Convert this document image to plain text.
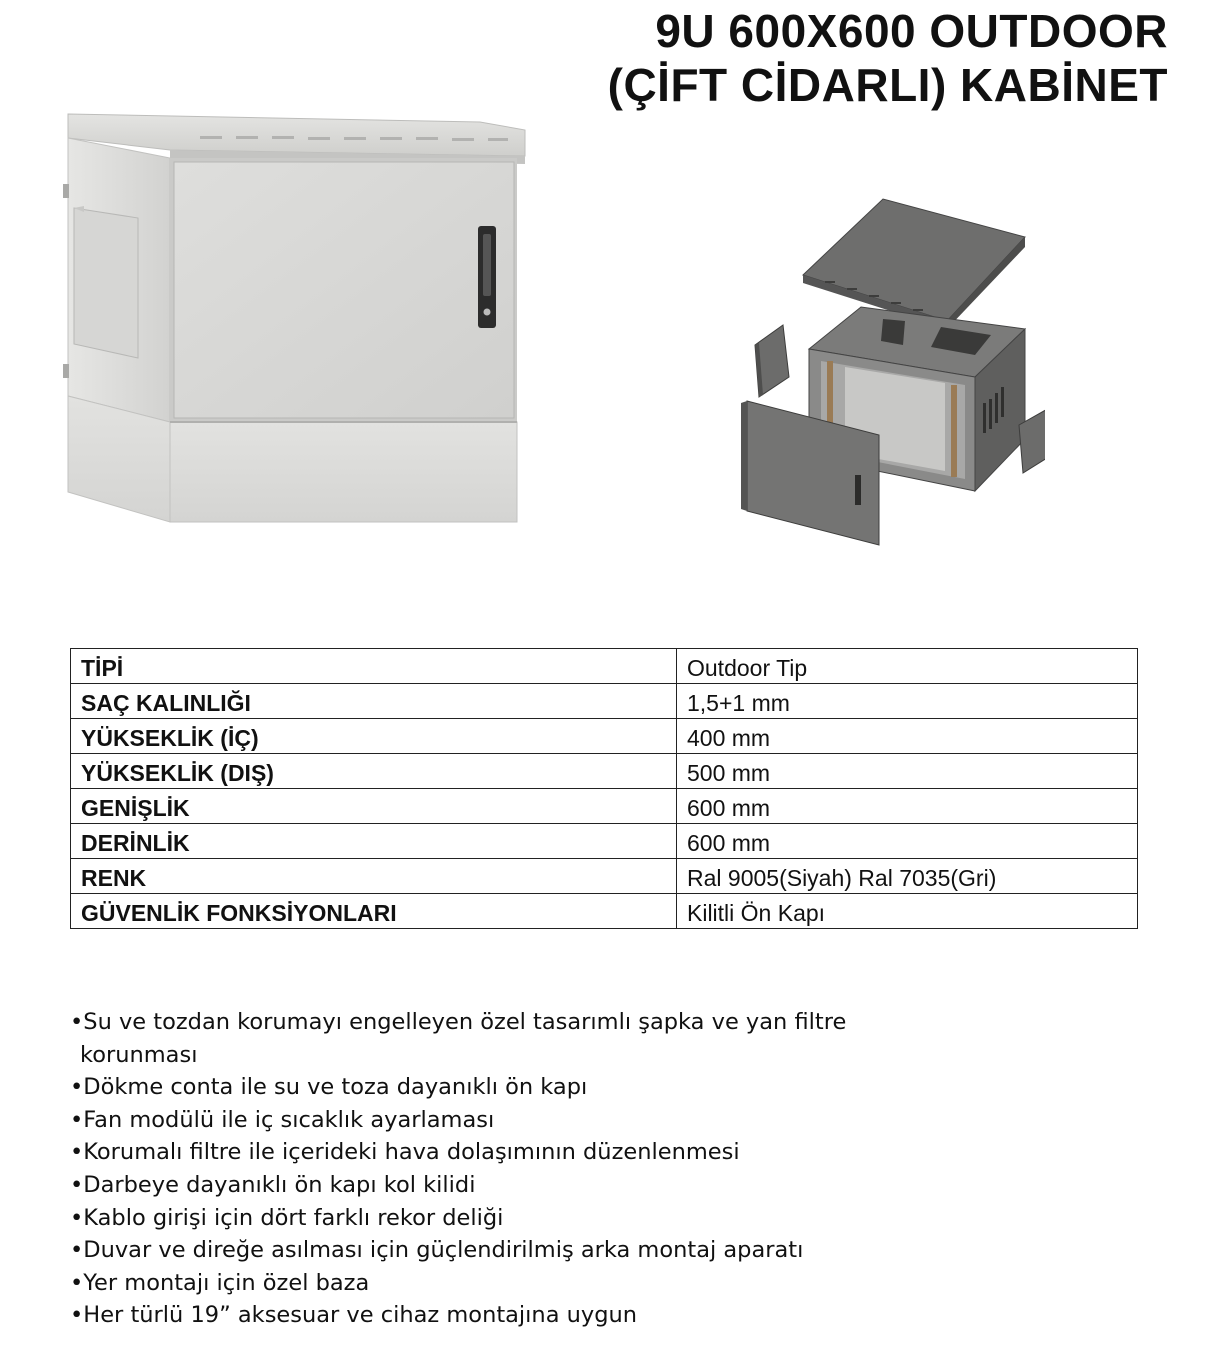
9U 600X600 OUTDOOR
(ÇİFT CİDARLI) KABİNET
TİPİ	Outdoor Tip
SAÇ KALINLIĞI	1,5+1 mm
YÜKSEKLİK (İÇ)	400 mm
YÜKSEKLİK (DIŞ)	500 mm
GENİŞLİK	600 mm
DERİNLİK	600 mm
RENK	Ral 9005(Siyah) Ral 7035(Gri)
GÜVENLİK FONKSİYONLARI	Kilitli Ön Kapı
• Su ve tozdan korumayı engelleyen özel tasarımlı şapka ve yan filtre korunması
• Dökme conta ile su ve toza dayanıklı ön kapı
• Fan modülü ile iç sıcaklık ayarlaması
• Korumalı filtre ile içerideki hava dolaşımının düzenlenmesi
• Darbeye dayanıklı ön kapı kol kilidi
• Kablo girişi için dört farklı rekor deliği
• Duvar ve direğe asılması için güçlendirilmiş arka montaj aparatı
• Yer montajı için özel baza
• Her türlü 19” aksesuar ve cihaz montajına uygun
